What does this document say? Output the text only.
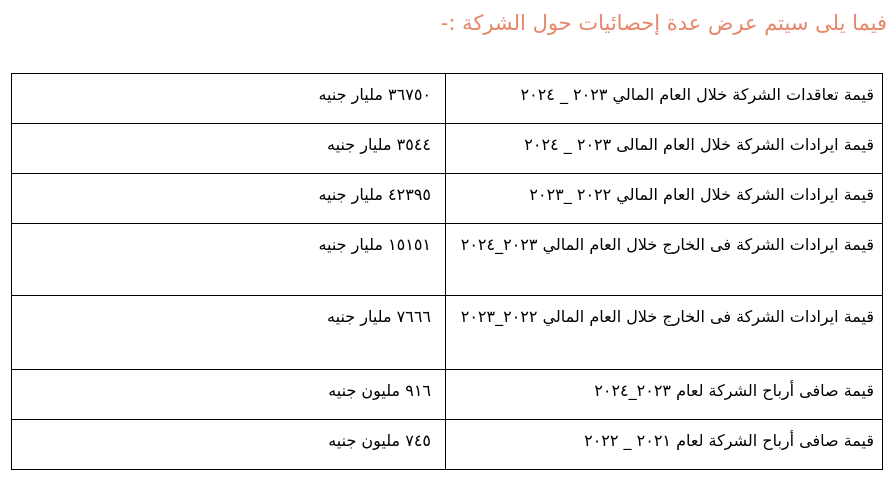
فيما يلى سيتم عرض عدة إحصائيات حول الشركة :-
قيمة تعاقدات الشركة خلال العام المالي ٢٠٢٣ _ ٢٠٢٤	٣٦٧٥٠ مليار جنيه
قيمة ايرادات الشركة خلال العام المالى ٢٠٢٣ _ ٢٠٢٤	٣٥٤٤ مليار جنيه
قيمة ايرادات الشركة خلال العام المالي ٢٠٢٢ _٢٠٢٣	٤٢٣٩٥ مليار جنيه
قيمة ايرادات الشركة فى الخارج خلال العام المالي ٢٠٢٣_٢٠٢٤	١٥١٥١ مليار جنيه
قيمة ايرادات الشركة فى الخارج خلال العام المالي ٢٠٢٢_٢٠٢٣	٧٦٦٦ مليار جنيه
قيمة صافى أرباح الشركة لعام ٢٠٢٣_٢٠٢٤	٩١٦ مليون جنيه
قيمة صافى أرباح الشركة لعام ٢٠٢١ _ ٢٠٢٢	٧٤٥ مليون جنيه
